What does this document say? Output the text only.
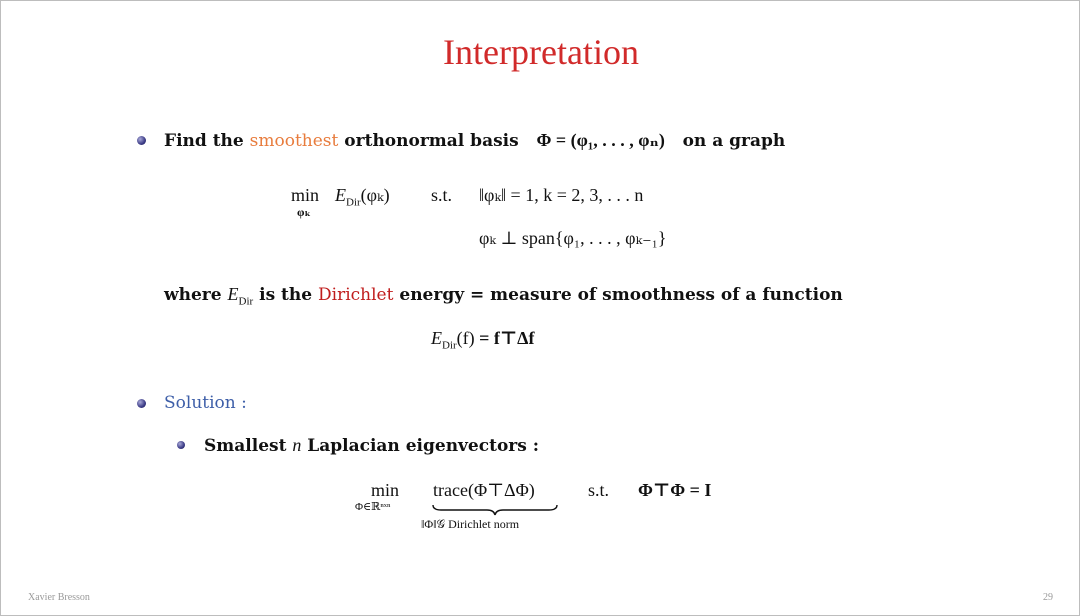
Interpretation
Find the smoothest orthonormal basis Φ = (φ₁, . . . , φₙ) on a graph
min
φₖ
$E_{Dir}(\varphi_k)$ s.t. ‖φₖ‖ = 1, k = 2, 3, . . . n
φₖ ⊥ span{φ₁, . . . , φₖ₋₁}
where $E_{Dir}$ is the Dirichlet energy = measure of smoothness of a function
$E_{Dir}(f)$ = f⊤Δf
Solution :
Smallest n Laplacian eigenvectors :
min
Φ∈ℝⁿˣⁿ
trace(Φ⊤ΔΦ)
‖Φ‖𝒢 Dirichlet norm
s.t. Φ⊤Φ = I
Xavier Bresson	29
